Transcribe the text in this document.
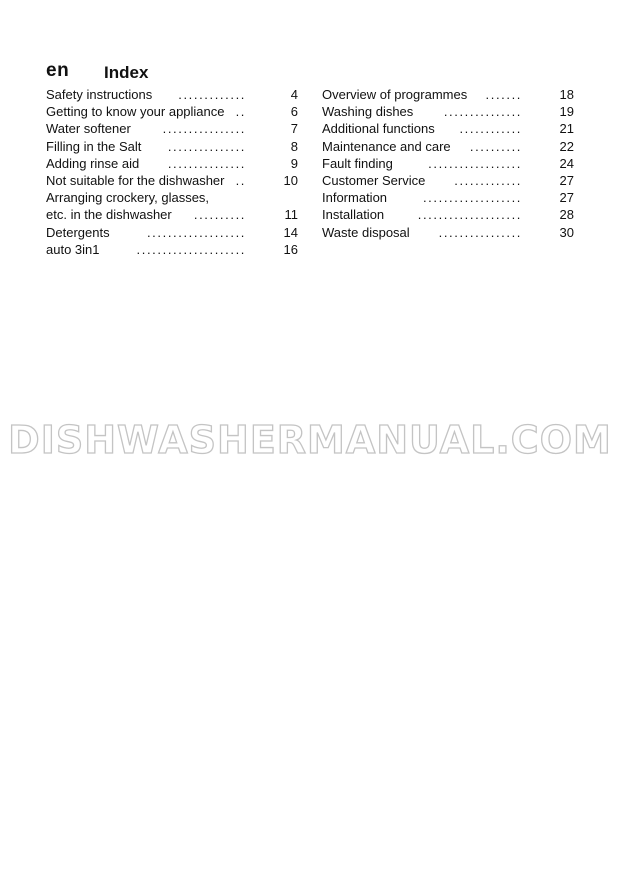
en Index
Safety instructions .............	4
Getting to know your appliance ..	6
Water softener ................	7
Filling in the Salt ...............	8
Adding rinse aid ...............	9
Not suitable for the dishwasher ..	10
Arranging crockery, glasses,
etc. in the dishwasher ..........	11
Detergents	...................	14
auto 3in1	.....................	16
Overview of programmes .......	18
Washing dishes ...............	19
Additional functions ............	21
Maintenance and care ..........	22
Fault finding	..................	24
Customer Service .............	27
Information	...................	27
Installation	....................	28
Waste disposal ................	30
DISHWASHERMANUAL.COM
